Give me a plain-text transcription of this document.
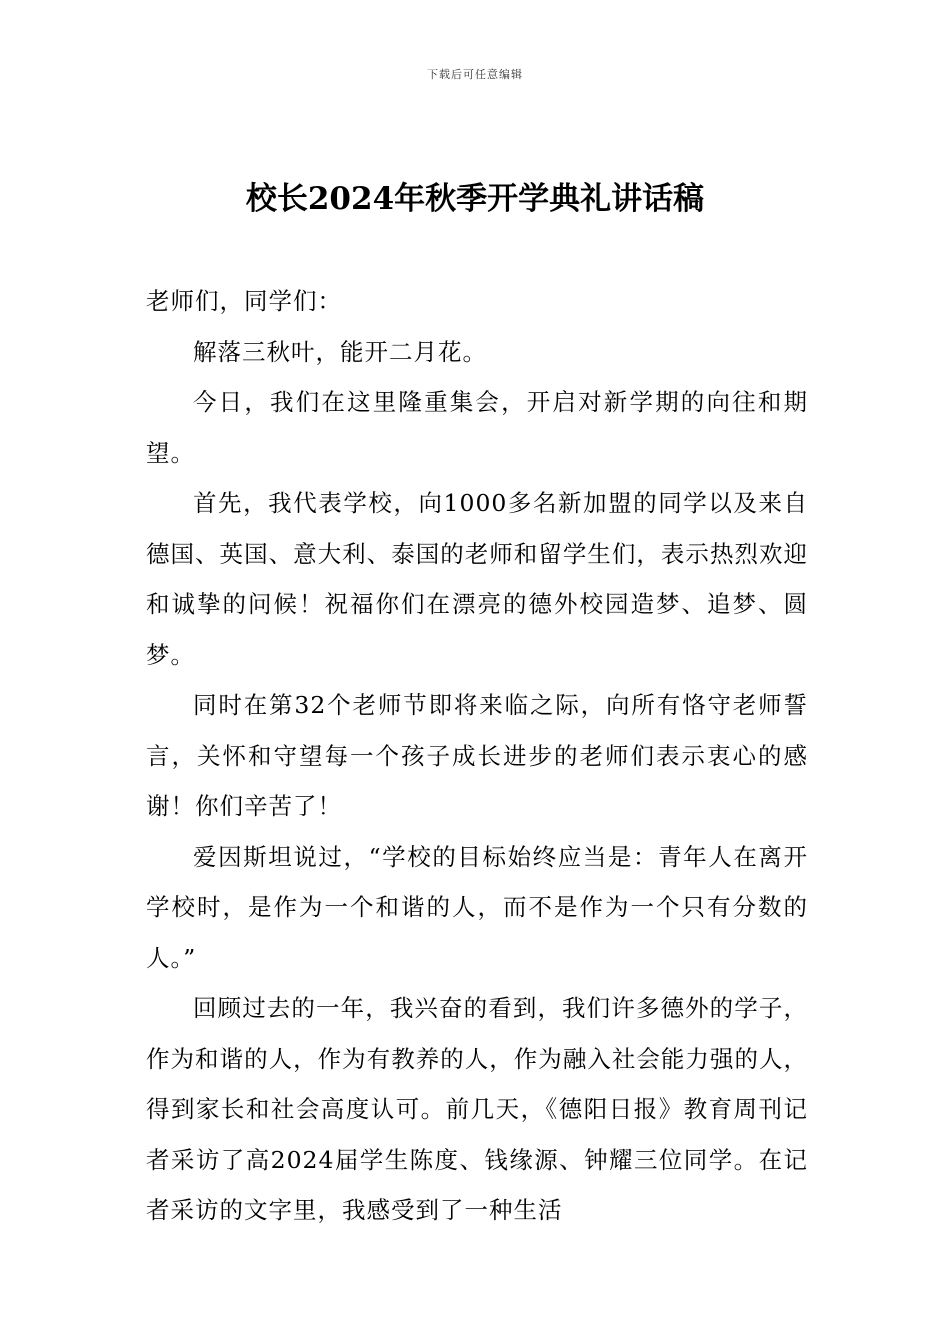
下载后可任意编辑
校长2024年秋季开学典礼讲话稿

老师们，同学们：

解落三秋叶，能开二月花。

今日，我们在这里隆重集会，开启对新学期的向往和期望。

首先，我代表学校，向1000多名新加盟的同学以及来自德国、英国、意大利、泰国的老师和留学生们，表示热烈欢迎和诚挚的问候！祝福你们在漂亮的德外校园造梦、追梦、圆梦。

同时在第32个老师节即将来临之际，向所有恪守老师誓言，关怀和守望每一个孩子成长进步的老师们表示衷心的感谢！你们辛苦了！

爱因斯坦说过，“学校的目标始终应当是：青年人在离开学校时，是作为一个和谐的人，而不是作为一个只有分数的人。”

回顾过去的一年，我兴奋的看到，我们许多德外的学子，作为和谐的人，作为有教养的人，作为融入社会能力强的人，得到家长和社会高度认可。前几天，《德阳日报》教育周刊记者采访了高2024届学生陈度、钱缘源、钟耀三位同学。在记者采访的文字里，我感受到了一种生活
